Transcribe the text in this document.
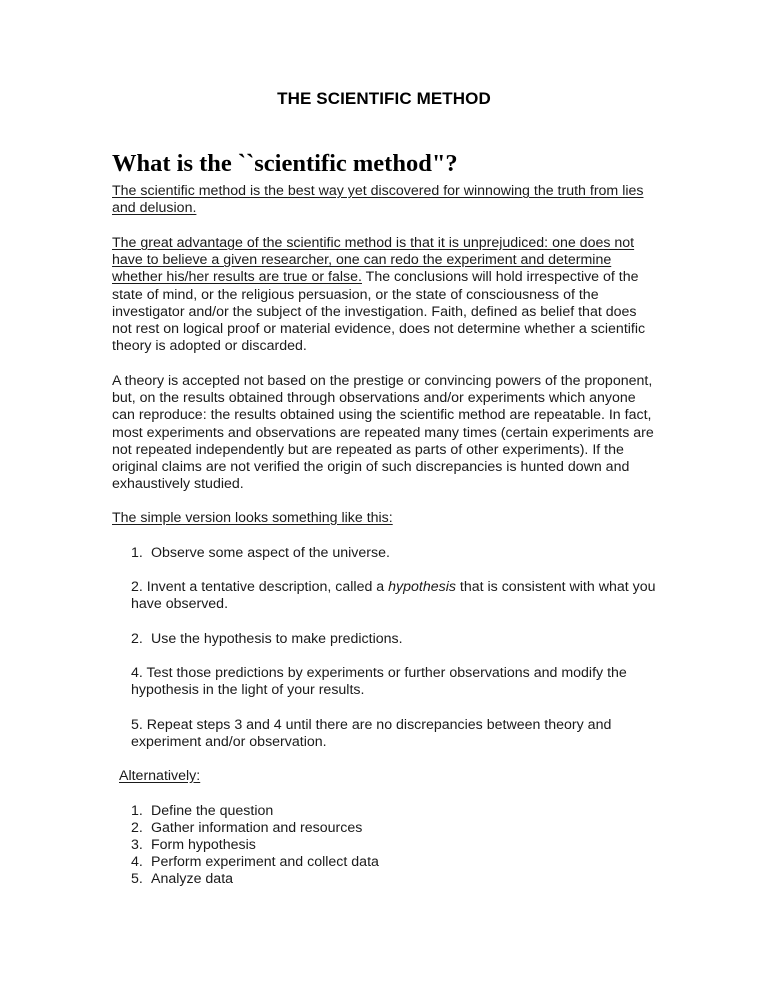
THE SCIENTIFIC METHOD
What is the ``scientific method"?

The scientific method is the best way yet discovered for winnowing the truth from lies and delusion.

The great advantage of the scientific method is that it is unprejudiced: one does not have to believe a given researcher, one can redo the experiment and determine whether his/her results are true or false. The conclusions will hold irrespective of the state of mind, or the religious persuasion, or the state of consciousness of the investigator and/or the subject of the investigation. Faith, defined as belief that does not rest on logical proof or material evidence, does not determine whether a scientific theory is adopted or discarded.

A theory is accepted not based on the prestige or convincing powers of the proponent, but, on the results obtained through observations and/or experiments which anyone can reproduce: the results obtained using the scientific method are repeatable. In fact, most experiments and observations are repeated many times (certain experiments are not repeated independently but are repeated as parts of other experiments). If the original claims are not verified the origin of such discrepancies is hunted down and exhaustively studied.

The simple version looks something like this:
1. Observe some aspect of the universe.
2. Invent a tentative description, called a hypothesis that is consistent with what you have observed.
2. Use the hypothesis to make predictions.
4. Test those predictions by experiments or further observations and modify the hypothesis in the light of your results.
5. Repeat steps 3 and 4 until there are no discrepancies between theory and experiment and/or observation.
Alternatively:
1. Define the question
2. Gather information and resources
3. Form hypothesis
4. Perform experiment and collect data
5. Analyze data
